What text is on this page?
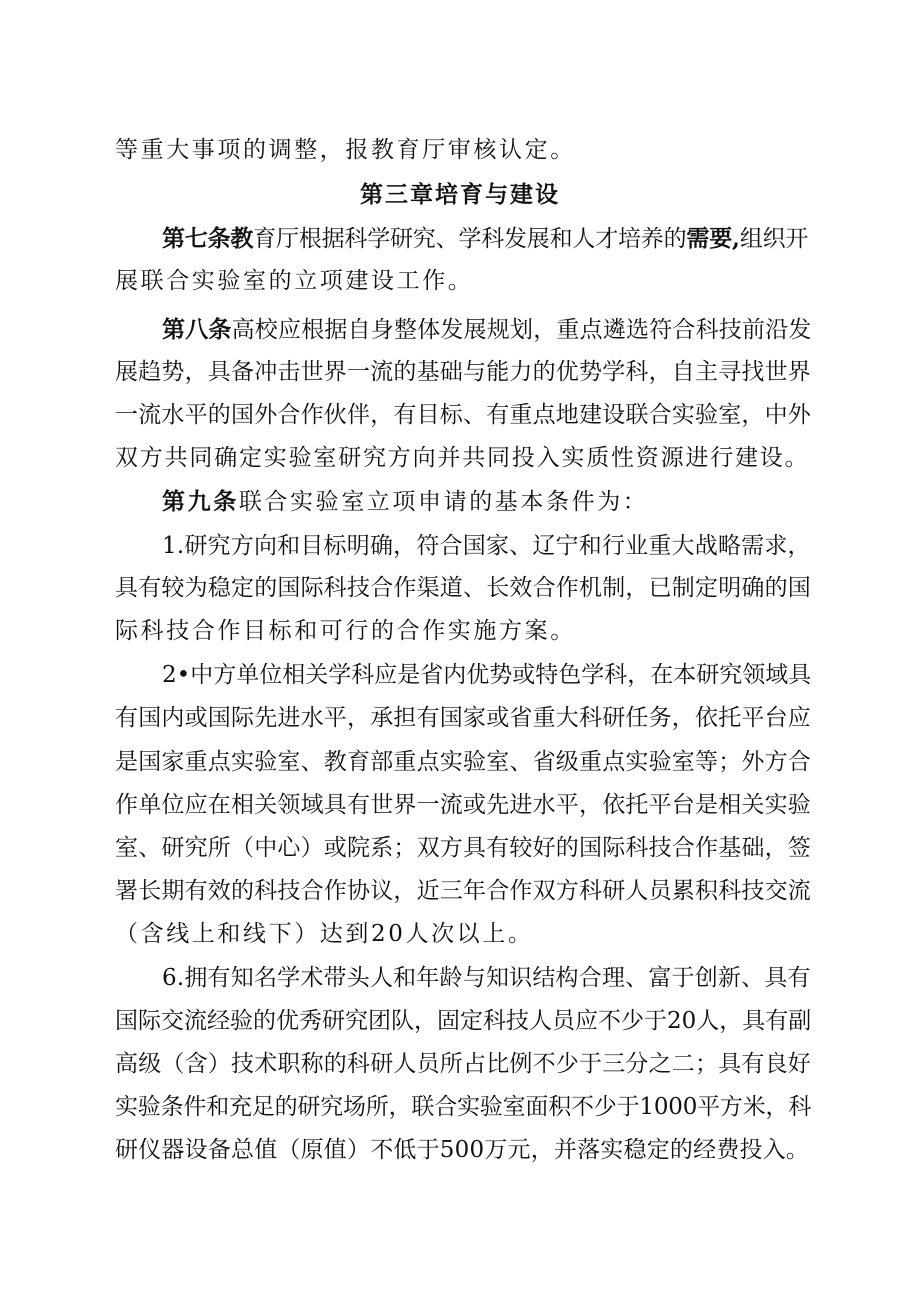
等重大事项的调整，报教育厅审核认定。
第三章培育与建设
第七条教育厅根据科学研究、学科发展和人才培养的需要,组织开
展联合实验室的立项建设工作。
第八条高校应根据自身整体发展规划，重点遴选符合科技前沿发
展趋势，具备冲击世界一流的基础与能力的优势学科，自主寻找世界
一流水平的国外合作伙伴，有目标、有重点地建设联合实验室，中外
双方共同确定实验室研究方向并共同投入实质性资源进行建设。
第九条联合实验室立项申请的基本条件为：
1.研究方向和目标明确，符合国家、辽宁和行业重大战略需求，
具有较为稳定的国际科技合作渠道、长效合作机制，已制定明确的国
际科技合作目标和可行的合作实施方案。
2•中方单位相关学科应是省内优势或特色学科，在本研究领域具
有国内或国际先进水平，承担有国家或省重大科研任务，依托平台应
是国家重点实验室、教育部重点实验室、省级重点实验室等；外方合
作单位应在相关领域具有世界一流或先进水平，依托平台是相关实验
室、研究所（中心）或院系；双方具有较好的国际科技合作基础，签
署长期有效的科技合作协议，近三年合作双方科研人员累积科技交流
（含线上和线下）达到20人次以上。
6.拥有知名学术带头人和年龄与知识结构合理、富于创新、具有
国际交流经验的优秀研究团队，固定科技人员应不少于20人，具有副
高级（含）技术职称的科研人员所占比例不少于三分之二；具有良好
实验条件和充足的研究场所，联合实验室面积不少于1000平方米，科
研仪器设备总值（原值）不低于500万元，并落实稳定的经费投入。
